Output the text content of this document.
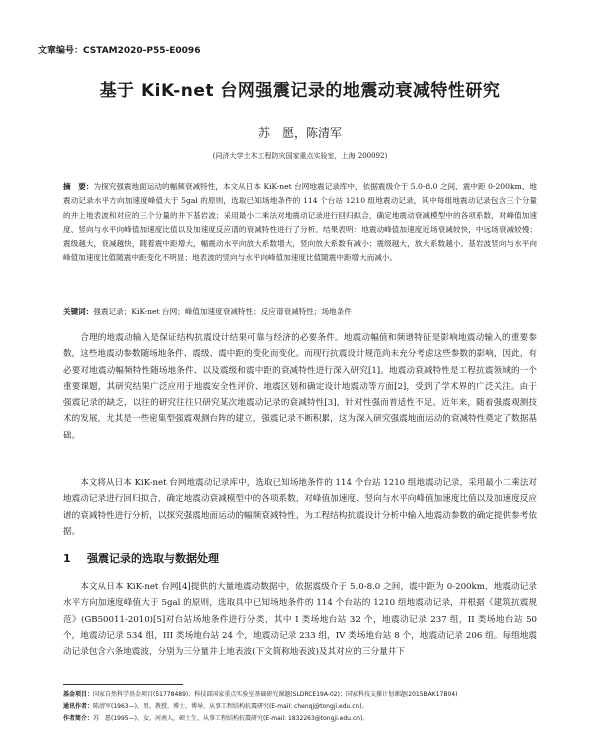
文章编号：CSTAM2020-P55-E0096
基于 KiK-net 台网强震记录的地震动衰减特性研究
苏　愿，陈清军
(同济大学土木工程防灾国家重点实验室，上海 200092)
摘　要：为探究强震地面运动的幅频衰减特性，本文从日本 KiK-net 台网地震记录库中，依据震级介于 5.0-8.0 之间、震中距 0-200km、地震动记录水平方向加速度峰值大于 5gal 的原则，选取已知场地条件的 114 个台站 1210 组地震动记录，其中每组地震动记录包含三个分量的井上地表波和对应的三个分量的井下基岩波；采用最小二乘法对地震动记录进行回归拟合，确定地震动衰减模型中的各项系数，对峰值加速度、竖向与水平向峰值加速度比值以及加速度反应谱的衰减特性进行了分析。结果表明：地震动峰值加速度近场衰减较快，中远场衰减较慢；震级越大，衰减越快，随着震中距增大，幅震动水平向放大系数增大，竖向放大系数有减小；震级越大，放大系数越小。基岩波竖向与水平向峰值加速度比值随震中距变化不明显；地表波的竖向与水平向峰值加速度比值随震中距增大而减小。
关键词：强震记录；KiK-net 台网；峰值加速度衰减特性；反应谱衰减特性；场地条件
合理的地震动输入是保证结构抗震设计结果可靠与经济的必要条件。地震动幅值和频谱特征是影响地震动输入的重要参数，这些地震动参数随场地条件、震级、震中距的变化而变化。而现行抗震设计规范尚未充分考虑这些参数的影响，因此，有必要对地震动幅频特性随场地条件、以及震级和震中距的衰减特性进行深入研究[1]。地震动衰减特性是工程抗震领域的一个重要课题，其研究结果广泛应用于地震安全性评价、地震区划和确定设计地震动等方面[2]，受到了学术界的广泛关注。由于强震记录的缺乏，以往的研究往往只研究某次地震动记录的衰减特性[3]，针对性强而普适性不足。近年来，随着强震观测技术的发展，尤其是一些密集型强震观测台阵的建立，强震记录不断积累，这为深入研究强震地面运动的衰减特性奠定了数据基础。
本文将从日本 KiK-net 台网地震动记录库中，选取已知场地条件的 114 个台站 1210 组地震动记录，采用最小二乘法对地震动记录进行回归拟合，确定地震动衰减模型中的各项系数，对峰值加速度、竖向与水平向峰值加速度比值以及加速度反应谱的衰减特性进行分析，以探究强震地面运动的幅频衰减特性，为工程结构抗震设计分析中输入地震动参数的确定提供参考依据。
1 强震记录的选取与数据处理
本文从日本 KiK-net 台网[4]提供的大量地震动数据中，依据震级介于 5.0-8.0 之间，震中距为 0-200km，地震动记录水平方向加速度峰值大于 5gal 的原则，选取具中已知场地条件的 114 个台站的 1210 组地震动记录，并根据《建筑抗震规范》(GB50011-2010)[5]对台站场地条件进行分类，其中 I 类场地台站 32 个，地震动记录 237 组，II 类场地台站 50 个，地震动记录 534 组，III 类场地台站 24 个，地震动记录 233 组，IV 类场地台站 8 个，地震动记录 206 组。每组地震动记录包含六条地震波，分别为三分量井上地表波(下文简称地表波)及其对应的三分量井下
基金项目：国家自然科学基金项目(51778489)；科技部国家重点实验室基础研究课题(SLDRCE19A-02)；国家科技支撑计划课题(2015BAK17B04)
通讯作者：陈清军(1963—)，男，教授，博士，博导，从事工程结构抗震研究(E-mail: chenqj@tongji.edu.cn)。
作者简介：苏　愿(1995—)，女，河南人，硕士生，从事工程结构抗震研究(E-mail: 1832263@tongji.edu.cn)。
